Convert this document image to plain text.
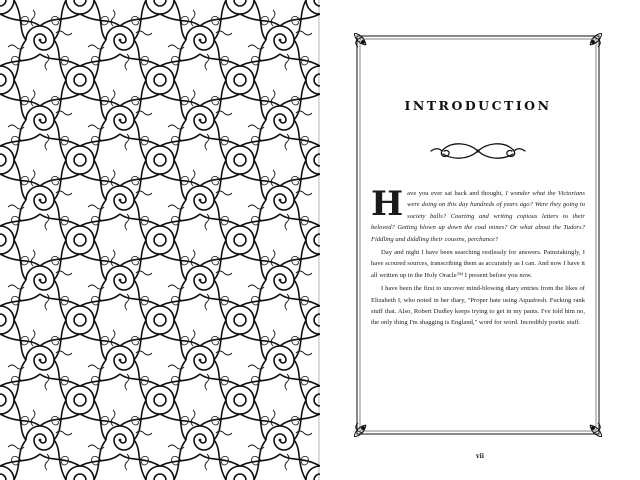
INTRODUCTION

Have you ever sat back and thought, I wonder what the Victorians were doing on this day hundreds of years ago? Were they going to society balls? Courting and writing copious letters to their beloved? Getting blown up down the coal mines? Or what about the Tudors? Fiddling and diddling their cousins, perchance?

Day and night I have been searching restlessly for answers. Painstakingly, I have scoured sources, transcribing them as accurately as I can. And now I have it all written up in the Holy Oracle™ I present before you now.

I have been the first to uncover mind-blowing diary entries from the likes of Elizabeth I, who noted in her diary, "Proper hate using Aquafresh. Fucking rank stuff that. Also, Robert Dudley keeps trying to get in my pants. I've told him no, the only thing I'm shagging is England," word for word. Incredibly poetic stuff.

vii
